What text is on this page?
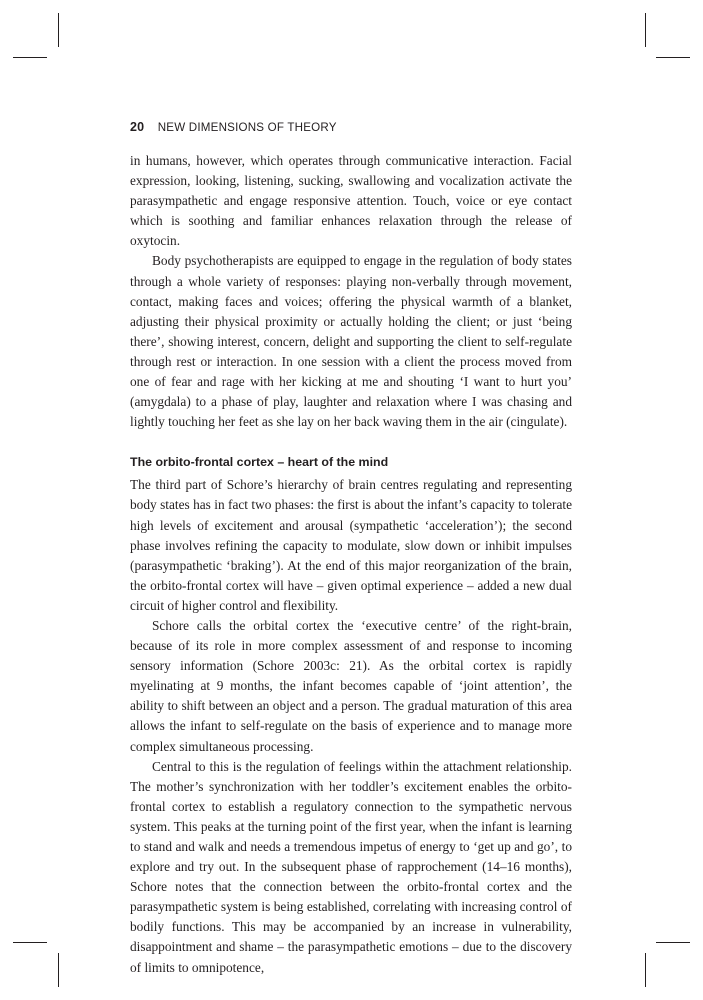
20 NEW DIMENSIONS OF THEORY

in humans, however, which operates through communicative interaction. Facial expression, looking, listening, sucking, swallowing and vocalization activate the parasympathetic and engage responsive attention. Touch, voice or eye contact which is soothing and familiar enhances relaxation through the release of oxytocin.

Body psychotherapists are equipped to engage in the regulation of body states through a whole variety of responses: playing non-verbally through movement, contact, making faces and voices; offering the physical warmth of a blanket, adjusting their physical proximity or actually holding the client; or just ‘being there’, showing interest, concern, delight and supporting the client to self-regulate through rest or interaction. In one session with a client the process moved from one of fear and rage with her kicking at me and shouting ‘I want to hurt you’ (amygdala) to a phase of play, laughter and relaxation where I was chasing and lightly touching her feet as she lay on her back waving them in the air (cingulate).

The orbito-frontal cortex – heart of the mind

The third part of Schore’s hierarchy of brain centres regulating and representing body states has in fact two phases: the first is about the infant’s capacity to tolerate high levels of excitement and arousal (sympathetic ‘acceleration’); the second phase involves refining the capacity to modulate, slow down or inhibit impulses (parasympathetic ‘braking’). At the end of this major reorganization of the brain, the orbito-frontal cortex will have – given optimal experience – added a new dual circuit of higher control and flexibility.

Schore calls the orbital cortex the ‘executive centre’ of the right-brain, because of its role in more complex assessment of and response to incoming sensory information (Schore 2003c: 21). As the orbital cortex is rapidly myelinating at 9 months, the infant becomes capable of ‘joint attention’, the ability to shift between an object and a person. The gradual maturation of this area allows the infant to self-regulate on the basis of experience and to manage more complex simultaneous processing.

Central to this is the regulation of feelings within the attachment relationship. The mother’s synchronization with her toddler’s excitement enables the orbito-frontal cortex to establish a regulatory connection to the sympathetic nervous system. This peaks at the turning point of the first year, when the infant is learning to stand and walk and needs a tremendous impetus of energy to ‘get up and go’, to explore and try out. In the subsequent phase of rapprochement (14–16 months), Schore notes that the connection between the orbito-frontal cortex and the parasympathetic system is being established, correlating with increasing control of bodily functions. This may be accompanied by an increase in vulnerability, disappointment and shame – the parasympathetic emotions – due to the discovery of limits to omnipotence,
